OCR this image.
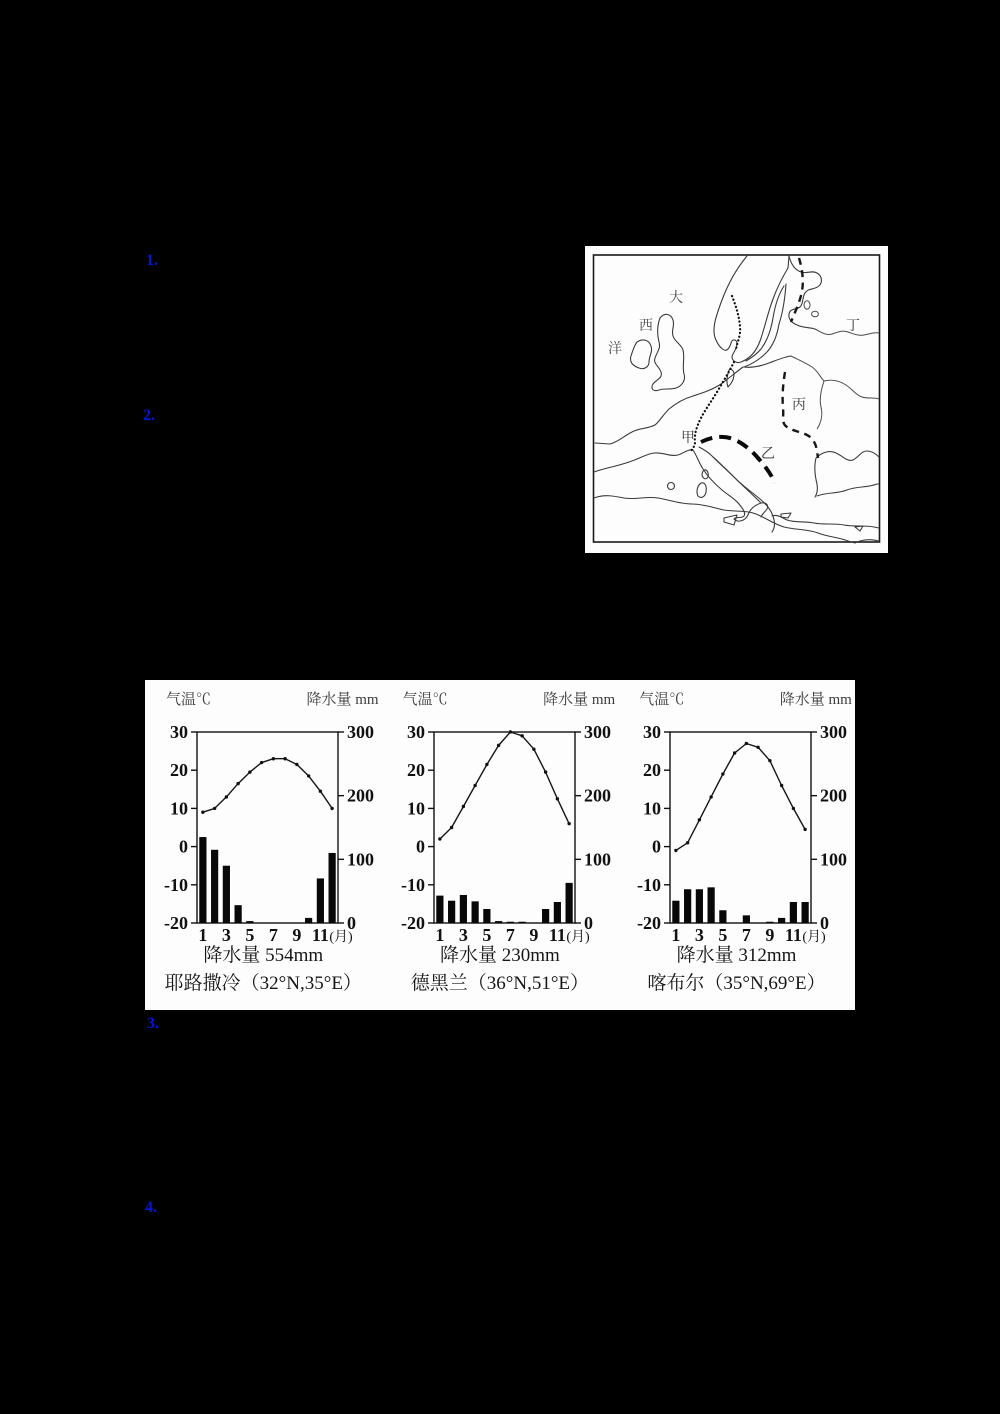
1.
2.
3.
4.
大
西
洋
甲
乙
丙
丁
气温℃	降水量 mm
30
20
10
0
-10
-20
300
200
100
0
1 3 5 7 9 11 (月)
降水量 554mm
耶路撒冷（32°N,35°E）
气温℃	降水量 mm
30
20
10
0
-10
-20
300
200
100
0
1 3 5 7 9 11 (月)
降水量 230mm
德黑兰（36°N,51°E）
气温℃	降水量 mm
30
20
10
0
-10
-20
300
200
100
0
1 3 5 7 9 11 (月)
降水量 312mm
喀布尔（35°N,69°E）
